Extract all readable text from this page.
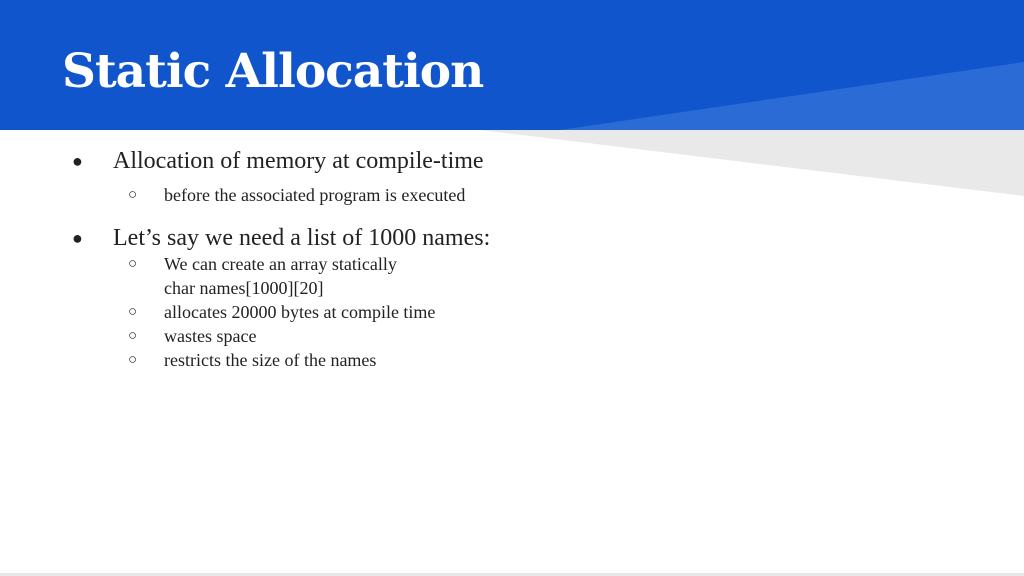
Static Allocation
● Allocation of memory at compile-time
○ before the associated program is executed
● Let’s say we need a list of 1000 names:
○ We can create an array statically
char names[1000][20]
○ allocates 20000 bytes at compile time
○ wastes space
○ restricts the size of the names
